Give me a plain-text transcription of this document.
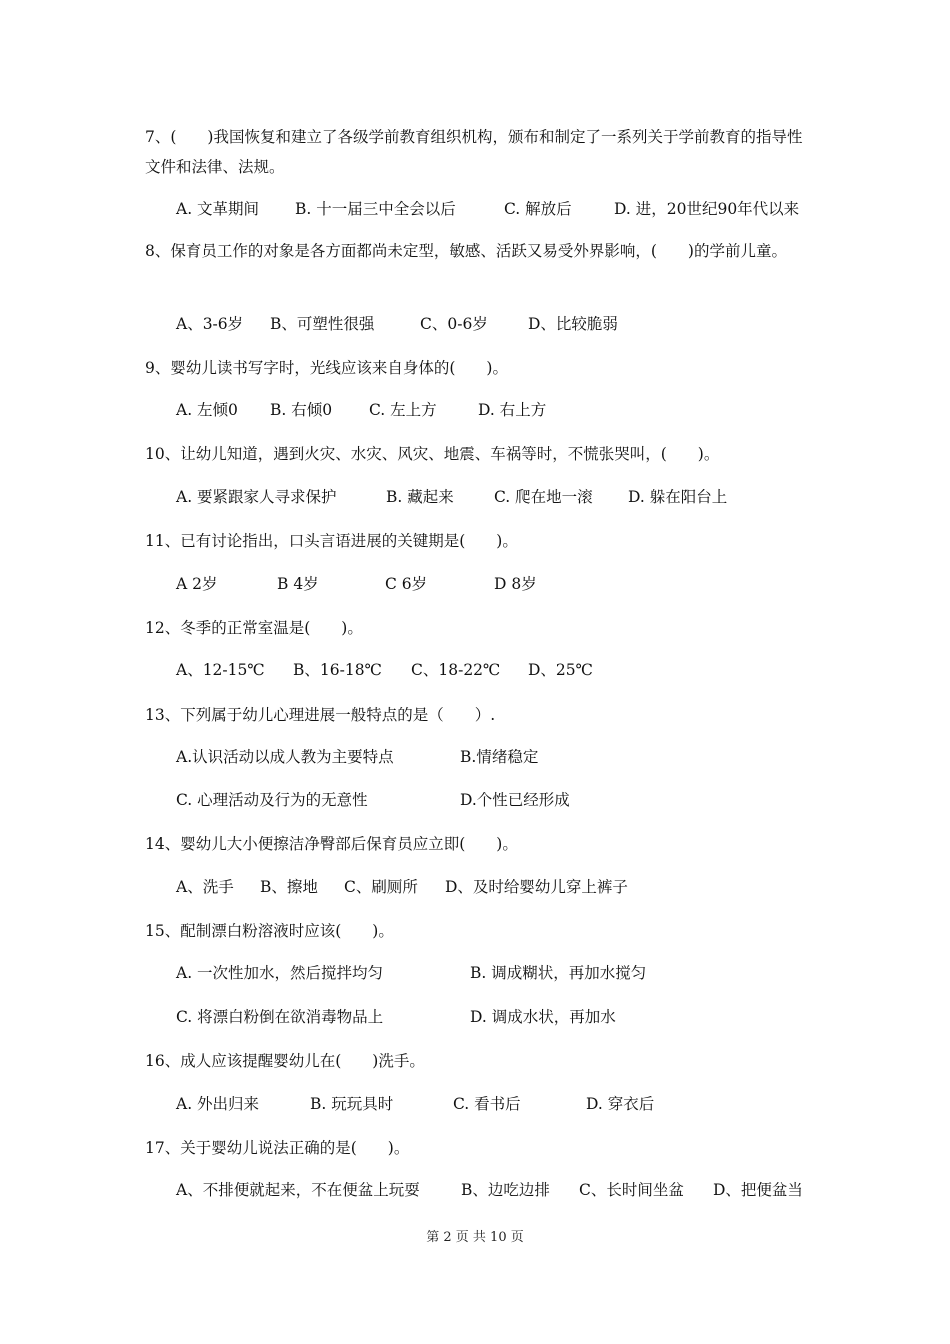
7、(　　)我国恢复和建立了各级学前教育组织机构，颁布和制定了一系列关于学前教育的指导性文件和法律、法规。
A. 文革期间 B. 十一届三中全会以后	C. 解放后	D. 进，20世纪90年代以来
8、保育员工作的对象是各方面都尚未定型，敏感、活跃又易受外界影响，(　　)的学前儿童。
A、3-6岁 B、可塑性很强	C、0-6岁	D、比较脆弱
9、婴幼儿读书写字时，光线应该来自身体的(　　)。
A. 左倾0 B. 右倾0 C. 左上方	D. 右上方
10、让幼儿知道，遇到火灾、水灾、风灾、地震、车祸等时，不慌张哭叫，(　　)。
A. 要紧跟家人寻求保护	B. 藏起来	C. 爬在地一滚 D. 躲在阳台上
11、已有讨论指出，口头言语进展的关键期是(　　)。
A 2岁	B 4岁	C 6岁	D 8岁
12、冬季的正常室温是(　　)。
A、12-15℃ B、16-18℃ C、18-22℃ D、25℃
13、下列属于幼儿心理进展一般特点的是（　　）.
A.认识活动以成人教为主要特点	B.情绪稳定
C. 心理活动及行为的无意性	D.个性已经形成
14、婴幼儿大小便擦洁净臀部后保育员应立即(　　)。
A、洗手 B、擦地 C、刷厕所 D、及时给婴幼儿穿上裤子
15、配制漂白粉溶液时应该(　　)。
A. 一次性加水，然后搅拌均匀	B. 调成糊状，再加水搅匀
C. 将漂白粉倒在欲消毒物品上	D. 调成水状，再加水
16、成人应该提醒婴幼儿在(　　)洗手。
A. 外出归来	B. 玩玩具时	C. 看书后	D. 穿衣后
17、关于婴幼儿说法正确的是(　　)。
A、不排便就起来，不在便盆上玩耍	B、边吃边排 C、长时间坐盆 D、把便盆当
第 2 页 共 10 页
